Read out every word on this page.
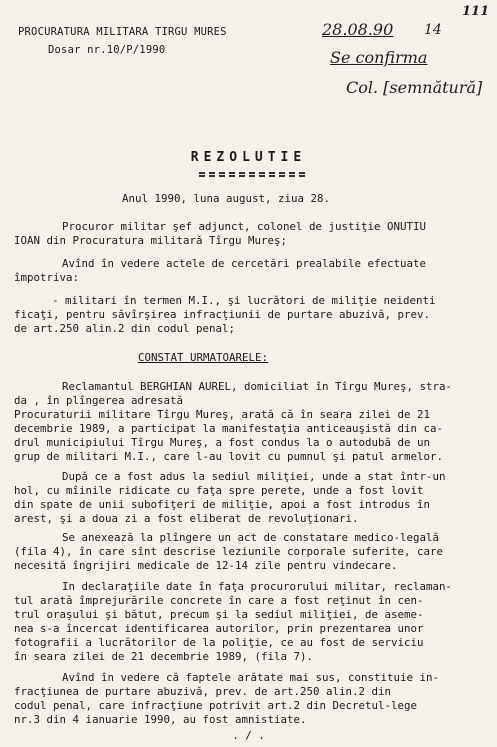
PROCURATURA MILITARA TIRGU MURES
Dosar nr.10/P/1990
111
28.08.90 14
Se confirma
Col. [semnătură]
REZOLUTIE
Anul 1990, luna august, ziua 28.
Procuror militar şef adjunct, colonel de justiţie ONUTIU
IOAN din Procuratura militară Tîrgu Mureş;
Avînd în vedere actele de cercetări prealabile efectuate
împotriva:
- militari în termen M.I., şi lucrători de miliţie neidenti
ficaţi, pentru săvîrşirea infracţiunii de purtare abuzivă, prev.
de art.250 alin.2 din codul penal;
CONSTAT URMATOARELE:
Reclamantul BERGHIAN AUREL, domiciliat în Tîrgu Mureş, stra-
da , în plîngerea adresată
Procuraturii militare Tîrgu Mureş, arată că în seara zilei de 21
decembrie 1989, a participat la manifestaţia anticeauşistă din ca-
drul municipiului Tîrgu Mureş, a fost condus la o autodubă de un
grup de militari M.I., care l-au lovit cu pumnul şi patul armelor.
După ce a fost adus la sediul miliţiei, unde a stat într-un
hol, cu mîinile ridicate cu faţa spre perete, unde a fost lovit
din spate de unii subofiţeri de miliţie, apoi a fost introdus în
arest, şi a doua zi a fost eliberat de revoluţionari.
Se anexează la plîngere un act de constatare medico-legală
(fila 4), în care sînt descrise leziunile corporale suferite, care
necesită îngrijiri medicale de 12-14 zile pentru vindecare.
In declaraţiile date în faţa procurorului militar, reclaman-
tul arată împrejurările concrete în care a fost reţinut în cen-
trul oraşului şi bătut, precum şi la sediul miliţiei, de aseme-
nea s-a încercat identificarea autorilor, prin prezentarea unor
fotografii a lucrătorilor de la poliţie, ce au fost de serviciu
în seara zilei de 21 decembrie 1989, (fila 7).
Avînd în vedere că faptele arătate mai sus, constituie in-
fracţiunea de purtare abuzivă, prev. de art.250 alin.2 din
codul penal, care infracţiune potrivit art.2 din Decretul-lege
nr.3 din 4 ianuarie 1990, au fost amnistiate.
. / .
